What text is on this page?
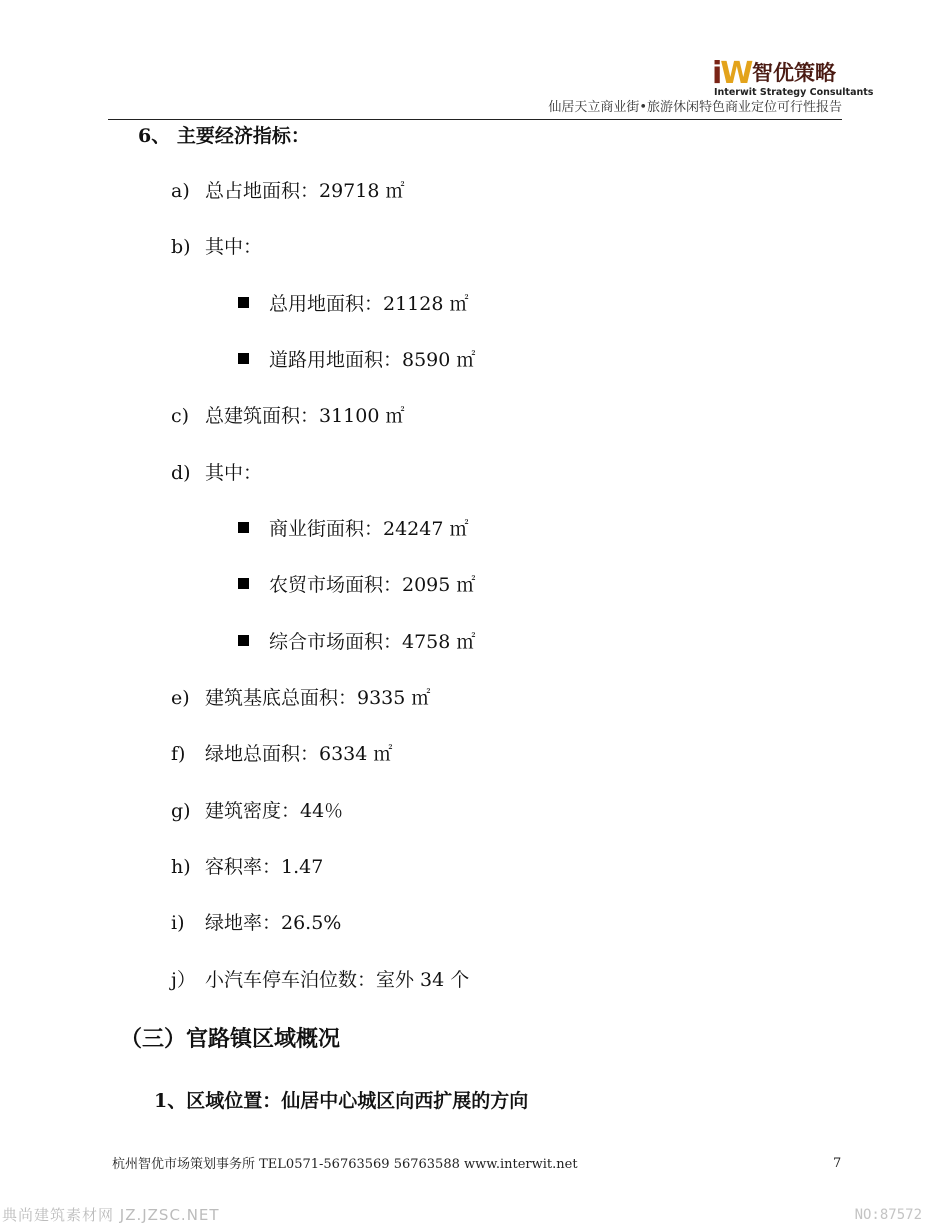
iW 智优策略
Interwit Strategy Consultants
仙居天立商业街•旅游休闲特色商业定位可行性报告
6、 主要经济指标：
a) 总占地面积：29718 ㎡
b) 其中：
总用地面积：21128 ㎡
道路用地面积：8590 ㎡
c) 总建筑面积：31100 ㎡
d) 其中：
商业街面积：24247 ㎡
农贸市场面积：2095 ㎡
综合市场面积：4758 ㎡
e) 建筑基底总面积：9335 ㎡
f) 绿地总面积：6334 ㎡
g) 建筑密度：44％
h) 容积率：1.47
i) 绿地率：26.5%
j） 小汽车停车泊位数：室外 34 个
（三）官路镇区域概况
1、区域位置：仙居中心城区向西扩展的方向
杭州智优市场策划事务所 TEL0571-56763569 56763588 www.interwit.net	7
典尚建筑素材网 JZ.JZSC.NET	NO:87572
